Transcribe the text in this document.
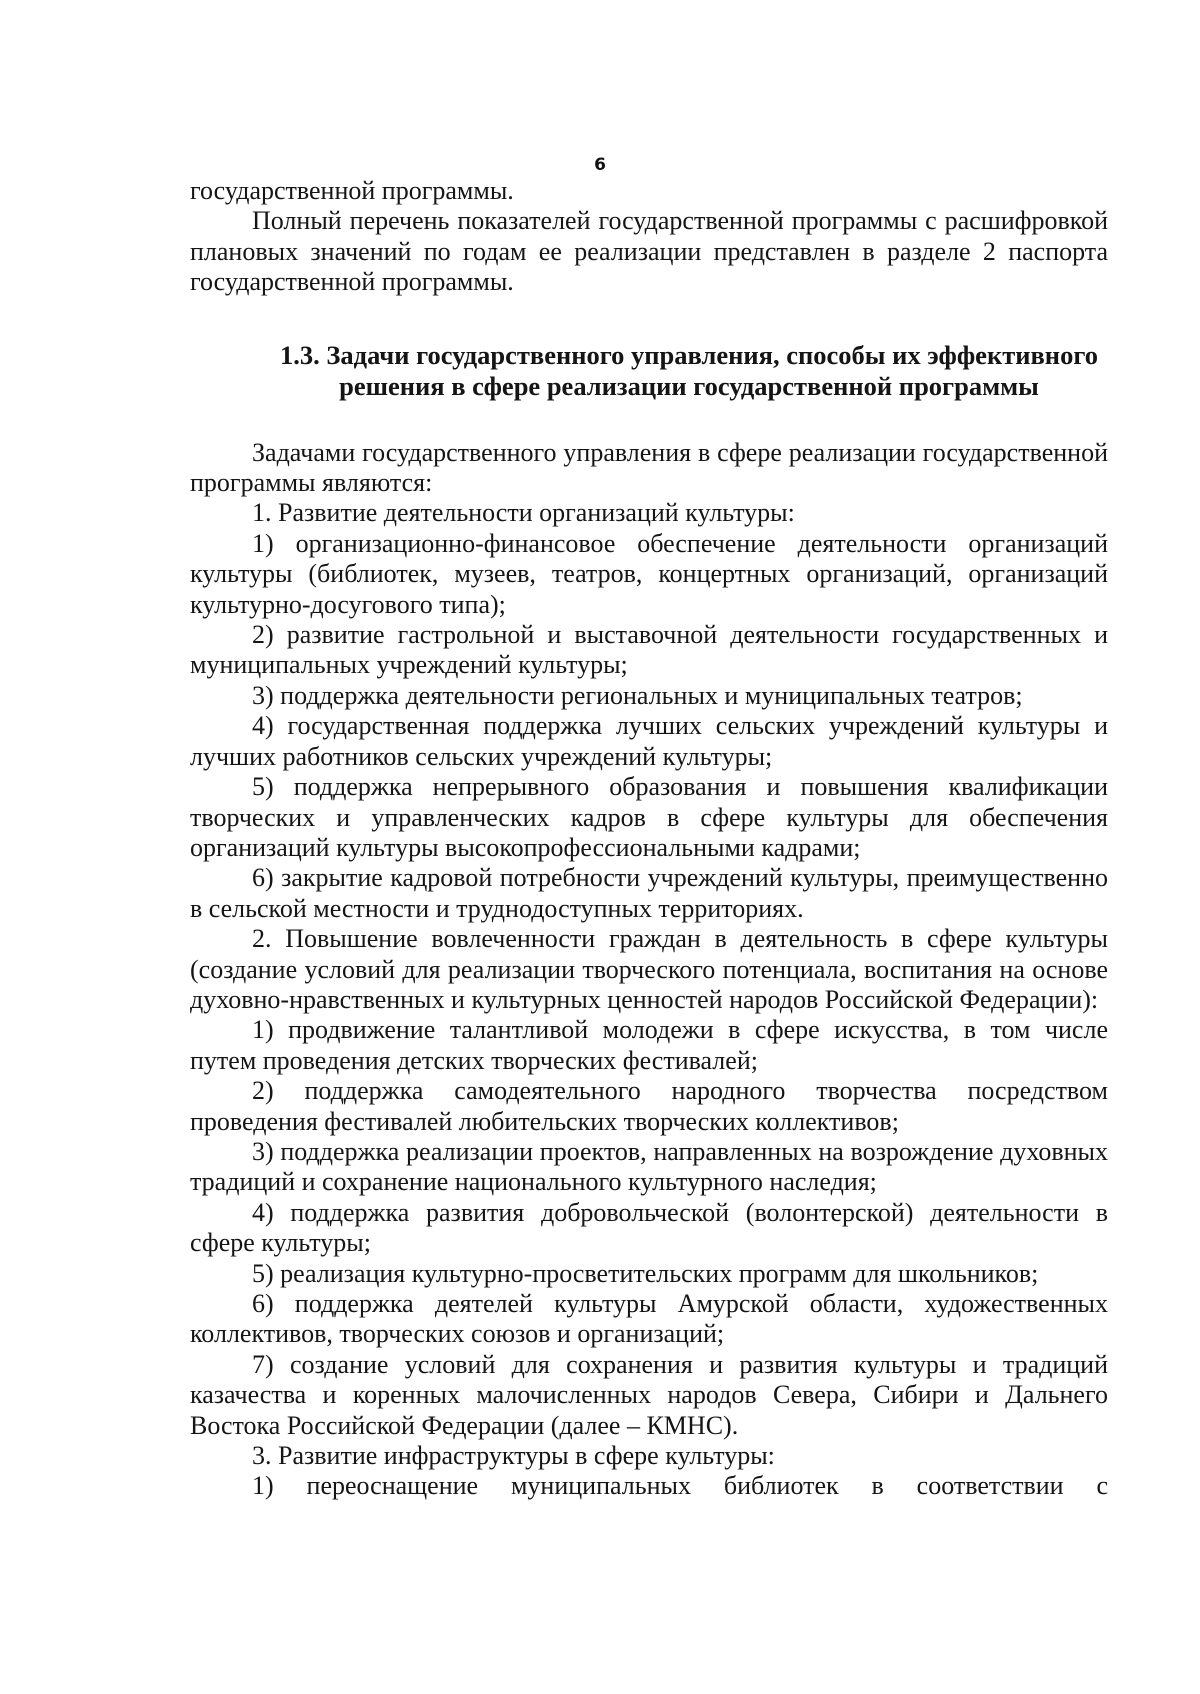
6

государственной программы.

Полный перечень показателей государственной программы с расшифровкой плановых значений по годам ее реализации представлен в разделе 2 паспорта государственной программы.

1.3. Задачи государственного управления, способы их эффективного
решения в сфере реализации государственной программы

Задачами государственного управления в сфере реализации государственной программы являются:

1. Развитие деятельности организаций культуры:

1) организационно-финансовое обеспечение деятельности организаций культуры (библиотек, музеев, театров, концертных организаций, организаций культурно-досугового типа);

2) развитие гастрольной и выставочной деятельности государственных и муниципальных учреждений культуры;

3) поддержка деятельности региональных и муниципальных театров;

4) государственная поддержка лучших сельских учреждений культуры и лучших работников сельских учреждений культуры;

5) поддержка непрерывного образования и повышения квалификации творческих и управленческих кадров в сфере культуры для обеспечения организаций культуры высокопрофессиональными кадрами;

6) закрытие кадровой потребности учреждений культуры, преимущественно в сельской местности и труднодоступных территориях.

2. Повышение вовлеченности граждан в деятельность в сфере культуры (создание условий для реализации творческого потенциала, воспитания на основе духовно-нравственных и культурных ценностей народов Российской Федерации):

1) продвижение талантливой молодежи в сфере искусства, в том числе путем проведения детских творческих фестивалей;

2) поддержка самодеятельного народного творчества посредством проведения фестивалей любительских творческих коллективов;

3) поддержка реализации проектов, направленных на возрождение духовных традиций и сохранение национального культурного наследия;

4) поддержка развития добровольческой (волонтерской) деятельности в сфере культуры;

5) реализация культурно-просветительских программ для школьников;

6) поддержка деятелей культуры Амурской области, художественных коллективов, творческих союзов и организаций;

7) создание условий для сохранения и развития культуры и традиций казачества и коренных малочисленных народов Севера, Сибири и Дальнего Востока Российской Федерации (далее – КМНС).

3. Развитие инфраструктуры в сфере культуры:

1) переоснащение муниципальных библиотек в соответствии с
